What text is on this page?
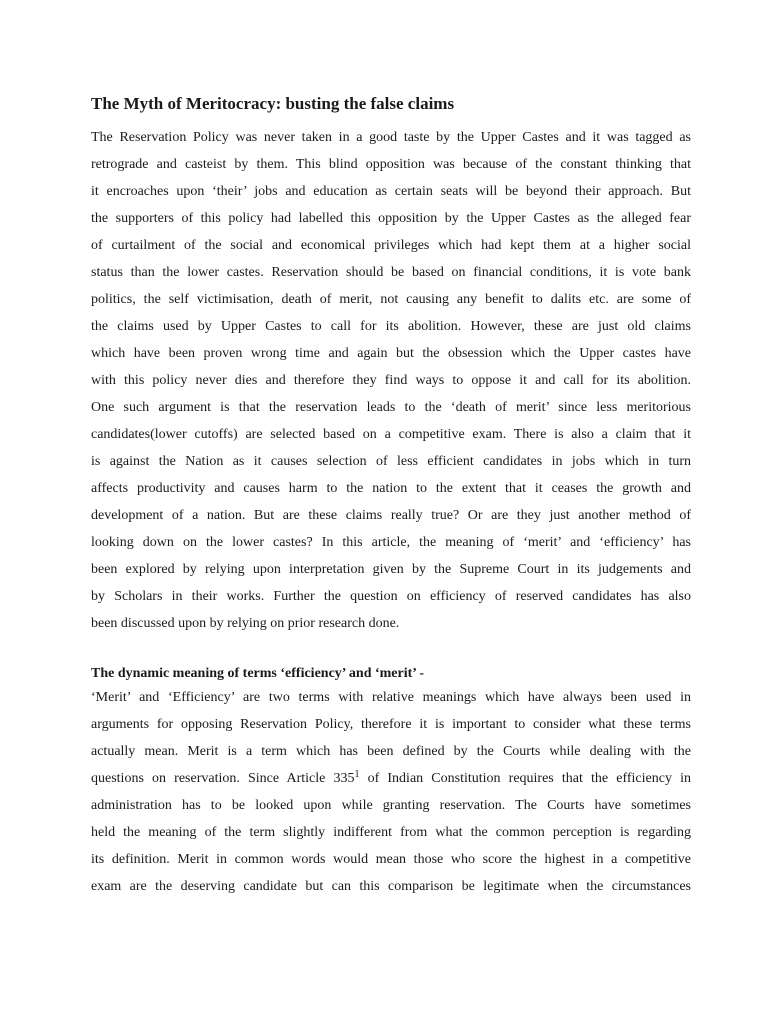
The Myth of Meritocracy: busting the false claims

The Reservation Policy was never taken in a good taste by the Upper Castes and it was tagged as
retrograde and casteist by them. This blind opposition was because of the constant thinking that
it encroaches upon ‘their’ jobs and education as certain seats will be beyond their approach. But
the supporters of this policy had labelled this opposition by the Upper Castes as the alleged fear
of curtailment of the social and economical privileges which had kept them at a higher social
status than the lower castes. Reservation should be based on financial conditions, it is vote bank
politics, the self victimisation, death of merit, not causing any benefit to dalits etc. are some of
the claims used by Upper Castes to call for its abolition. However, these are just old claims
which have been proven wrong time and again but the obsession which the Upper castes have
with this policy never dies and therefore they find ways to oppose it and call for its abolition.
One such argument is that the reservation leads to the ‘death of merit’ since less meritorious
candidates(lower cutoffs) are selected based on a competitive exam. There is also a claim that it
is against the Nation as it causes selection of less efficient candidates in jobs which in turn
affects productivity and causes harm to the nation to the extent that it ceases the growth and
development of a nation. But are these claims really true? Or are they just another method of
looking down on the lower castes? In this article, the meaning of ‘merit’ and ‘efficiency’ has
been explored by relying upon interpretation given by the Supreme Court in its judgements and
by Scholars in their works. Further the question on efficiency of reserved candidates has also
been discussed upon by relying on prior research done.

The dynamic meaning of terms ‘efficiency’ and ‘merit’ -

‘Merit’ and ‘Efficiency’ are two terms with relative meanings which have always been used in
arguments for opposing Reservation Policy, therefore it is important to consider what these terms
actually mean. Merit is a term which has been defined by the Courts while dealing with the
questions on reservation. Since Article $335^1$ of Indian Constitution requires that the efficiency in
administration has to be looked upon while granting reservation. The Courts have sometimes
held the meaning of the term slightly indifferent from what the common perception is regarding
its definition. Merit in common words would mean those who score the highest in a competitive
exam are the deserving candidate but can this comparison be legitimate when the circumstances
